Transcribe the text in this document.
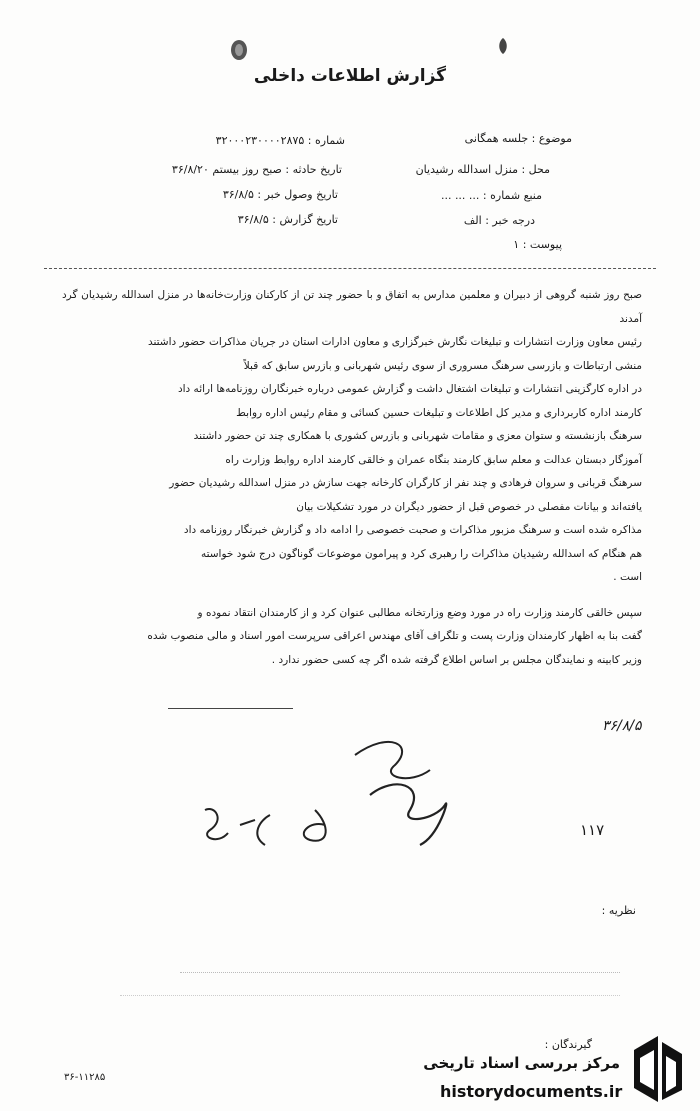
گزارش اطلاعات داخلی
موضوع : جلسه همگانی
محل : منزل اسدالله رشیدیان
منبع شماره : ... ... ...
درجه خبر : الف
پیوست : ۱
شماره : ۳۲۰۰۰۲۳۰۰۰۰۲۸۷۵
تاریخ حادثه : صبح روز بیستم ۳۶/۸/۲۰
تاریخ وصول خبر : ۳۶/۸/۵
تاریخ گزارش : ۳۶/۸/۵

صبح روز شنبه گروهی از دبیران و معلمین مدارس به اتفاق و با حضور چند تن از کارکنان وزارت‌خانه‌ها در منزل اسدالله رشیدیان گرد آمدند

رئیس معاون وزارت انتشارات و تبلیغات نگارش خبرگزاری و معاون ادارات استان در جریان مذاکرات حضور داشتند

منشی ارتباطات و بازرسی سرهنگ مسروری از سوی رئیس شهربانی و بازرس سابق که قبلاً

در اداره کارگزینی انتشارات و تبلیغات اشتغال داشت و گزارش عمومی درباره خبرنگاران روزنامه‌ها ارائه داد

کارمند اداره کاربرداری و مدیر کل اطلاعات و تبلیغات حسین کسائی و مقام رئیس اداره روابط

سرهنگ بازنشسته و ستوان معزی و مقامات شهربانی و بازرس کشوری با همکاری چند تن حضور داشتند

آموزگار دبستان عدالت و معلم سابق کارمند بنگاه عمران و خالقی کارمند اداره روابط وزارت راه

سرهنگ قربانی و سروان فرهادی و چند نفر از کارگران کارخانه جهت سازش در منزل اسدالله رشیدیان حضور

یافته‌اند و بیانات مفصلی در خصوص قبل از حضور دیگران در مورد تشکیلات بیان

مذاکره شده است و سرهنگ مزبور مذاکرات و صحبت خصوصی را ادامه داد و گزارش خبرنگار روزنامه داد

هم هنگام که اسدالله رشیدیان مذاکرات را رهبری کرد و پیرامون موضوعات گوناگون درج شود خواسته

است .

سپس خالقی کارمند وزارت راه در مورد وضع وزارتخانه مطالبی عنوان کرد و از کارمندان انتقاد نموده و

گفت بنا به اظهار کارمندان وزارت پست و تلگراف آقای مهندس اعراقی سرپرست امور اسناد و مالی منصوب شده

وزیر کابینه و نمایندگان مجلس بر اساس اطلاع گرفته شده اگر چه کسی حضور ندارد .

۳۶/۸/۵
۱۱۷
نظریه :
گیرندگان :
۳۶-۱۱۲۸۵
مرکز بررسی اسناد تاریخی
historydocuments.ir
